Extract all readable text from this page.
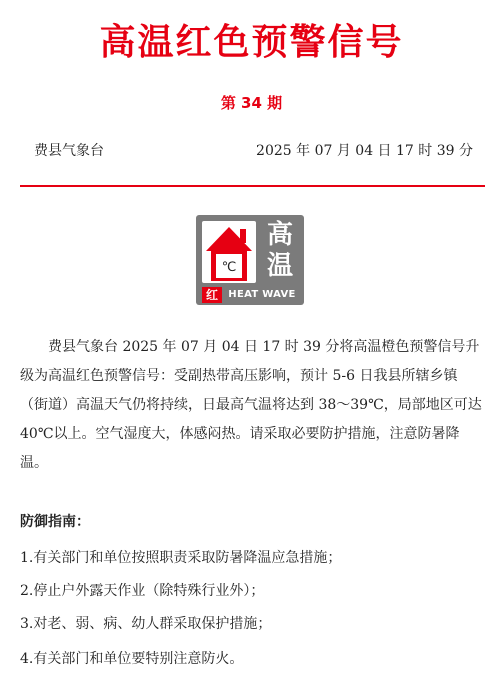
高温红色预警信号
第 34 期
费县气象台	2025 年 07 月 04 日 17 时 39 分
℃
高
温
红	HEAT WAVE

费县气象台 2025 年 07 月 04 日 17 时 39 分将高温橙色预警信号升级为高温红色预警信号：受副热带高压影响，预计 5-6 日我县所辖乡镇（街道）高温天气仍将持续，日最高气温将达到 38～39℃，局部地区可达 40℃以上。空气湿度大，体感闷热。请采取必要防护措施，注意防暑降温。

防御指南：
1.有关部门和单位按照职责采取防暑降温应急措施；
2.停止户外露天作业（除特殊行业外）；
3.对老、弱、病、幼人群采取保护措施；
4.有关部门和单位要特别注意防火。
